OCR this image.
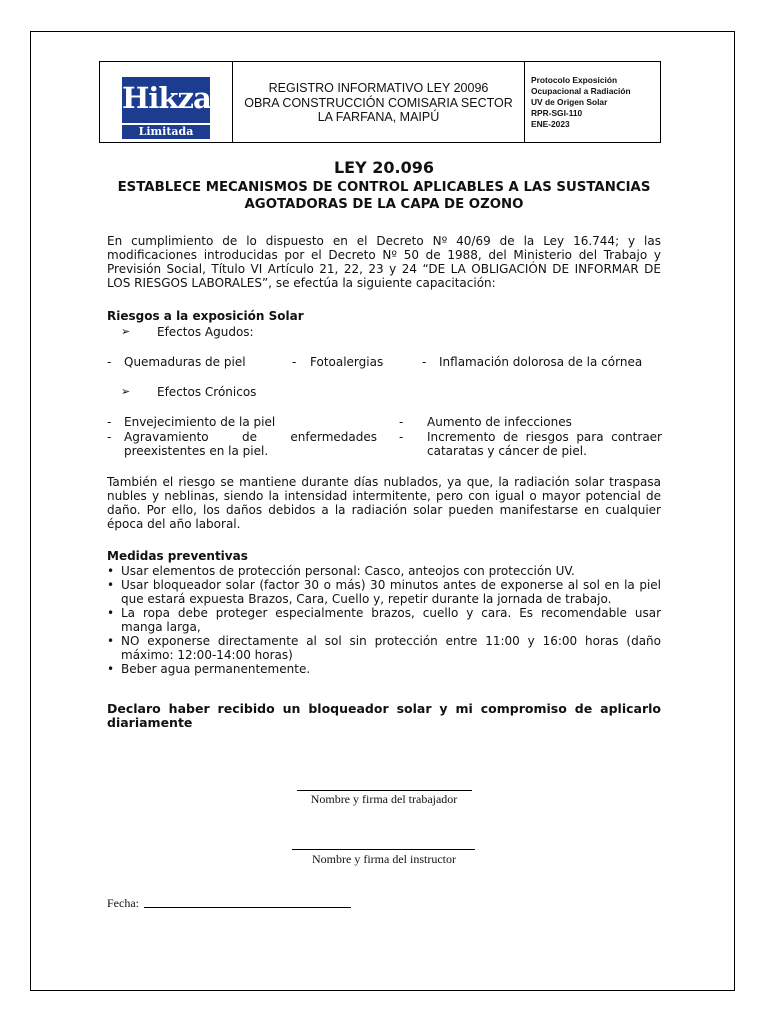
Hikza
Limitada
REGISTRO INFORMATIVO LEY 20096
OBRA CONSTRUCCIÓN COMISARIA SECTOR
LA FARFANA, MAIPÚ
Protocolo Exposición
Ocupacional a Radiación
UV de Origen Solar
RPR-SGI-110
ENE-2023
LEY 20.096
ESTABLECE MECANISMOS DE CONTROL APLICABLES A LAS SUSTANCIAS AGOTADORAS DE LA CAPA DE OZONO
En cumplimiento de lo dispuesto en el Decreto Nº 40/69 de la Ley 16.744; y las modificaciones introducidas por el Decreto Nº 50 de 1988, del Ministerio del Trabajo y Previsión Social, Título VI Artículo 21, 22, 23 y 24 “DE LA OBLIGACIÓN DE INFORMAR DE LOS RIESGOS LABORALES”, se efectúa la siguiente capacitación:
Riesgos a la exposición Solar
➢ Efectos Agudos:
- Quemaduras de piel	- Fotoalergias	- Inflamación dolorosa de la córnea
➢ Efectos Crónicos
- Envejecimiento de la piel
- Agravamiento de enfermedades preexistentes en la piel.
- Aumento de infecciones
- Incremento de riesgos para contraer cataratas y cáncer de piel.
También el riesgo se mantiene durante días nublados, ya que, la radiación solar traspasa nubles y neblinas, siendo la intensidad intermitente, pero con igual o mayor potencial de daño. Por ello, los daños debidos a la radiación solar pueden manifestarse en cualquier época del año laboral.
Medidas preventivas
• Usar elementos de protección personal: Casco, anteojos con protección UV.
• Usar bloqueador solar (factor 30 o más) 30 minutos antes de exponerse al sol en la piel que estará expuesta Brazos, Cara, Cuello y, repetir durante la jornada de trabajo.
• La ropa debe proteger especialmente brazos, cuello y cara. Es recomendable usar manga larga,
• NO exponerse directamente al sol sin protección entre 11:00 y 16:00 horas (daño máximo: 12:00-14:00 horas)
• Beber agua permanentemente.
Declaro haber recibido un bloqueador solar y mi compromiso de aplicarlo diariamente
Nombre y firma del trabajador
Nombre y firma del instructor
Fecha:
